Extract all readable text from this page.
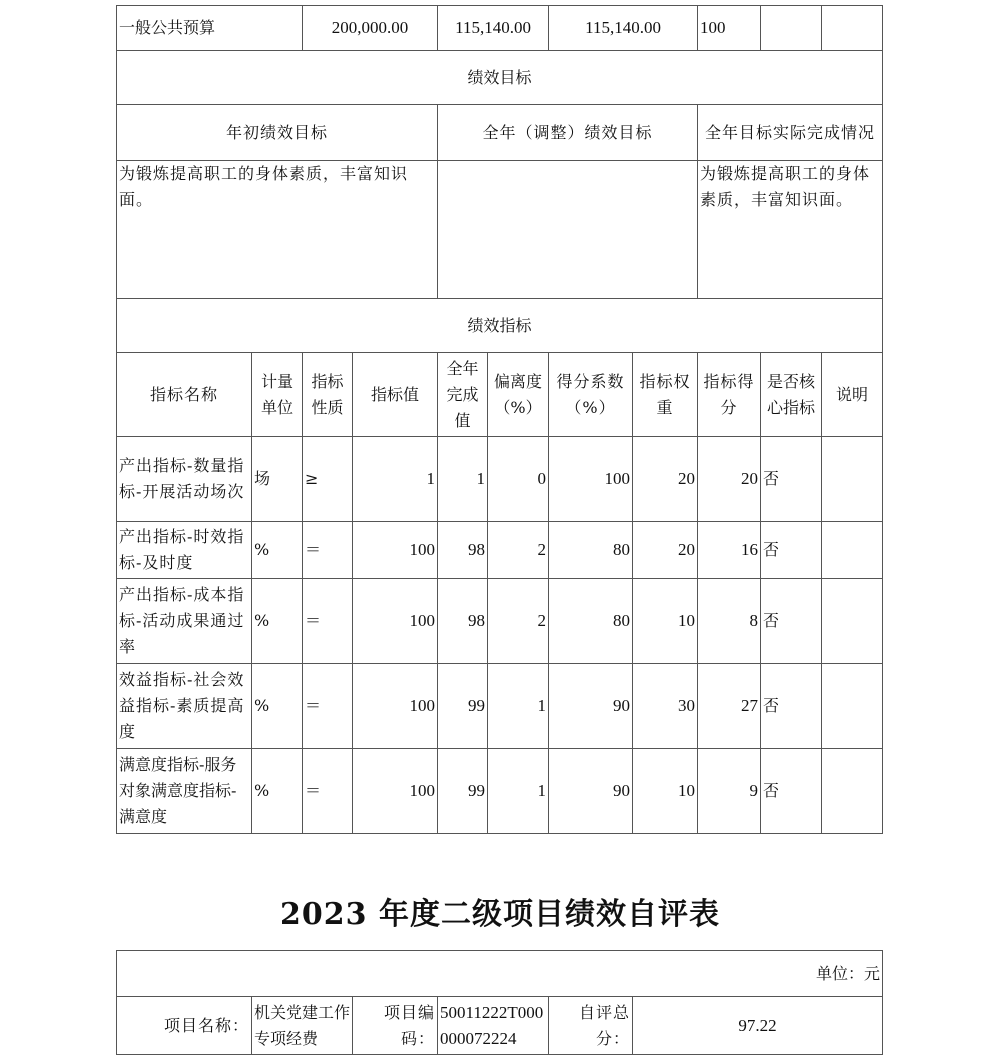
一般公共预算		200,000.00		115,140.00		115,140.00		100		
绩效目标										
年初绩效目标				全年（调整）绩效目标				全年目标实际完成情况		
为锻炼提高职工的身体素质，丰富知识面。								为锻炼提高职工的身体素质，丰富知识面。		
绩效指标										
指标名称	计量单位	指标性质	指标值	全年完成值	偏离度（%）	得分系数（%）	指标权重	指标得分	是否核心指标	说明
产出指标-数量指标-开展活动场次	场	≥	1	1	0	100	20	20	否	
产出指标-时效指标-及时度	%	＝	100	98	2	80	20	16	否	
产出指标-成本指标-活动成果通过率	%	＝	100	98	2	80	10	8	否	
效益指标-社会效益指标-素质提高度	%	＝	100	99	1	90	30	27	否	
满意度指标-服务对象满意度指标-满意度	%	＝	100	99	1	90	10	9	否	
2023 年度二级项目绩效自评表
单位：元
项目名称：	机关党建工作专项经费	项目编码：	50011222T000000072224	自评总分：	97.22
